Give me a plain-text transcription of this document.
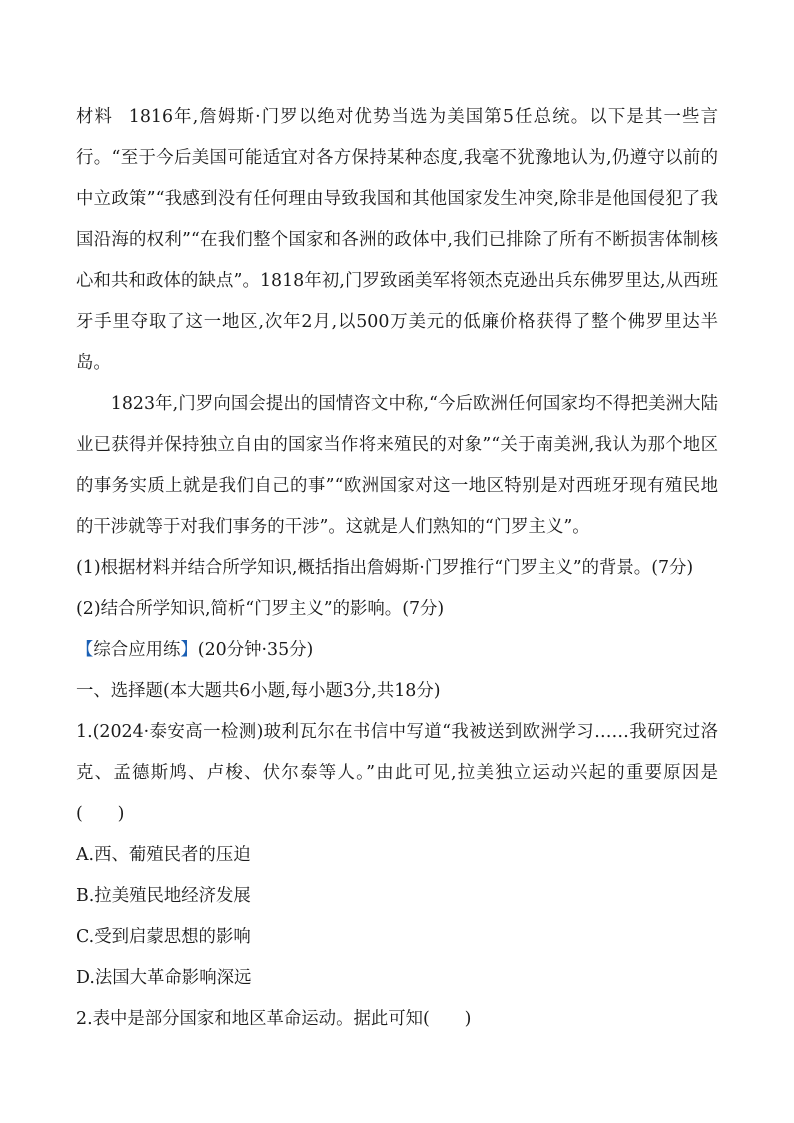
材料 1816年,詹姆斯·门罗以绝对优势当选为美国第5任总统。以下是其一些言行。“至于今后美国可能适宜对各方保持某种态度,我毫不犹豫地认为,仍遵守以前的中立政策”“我感到没有任何理由导致我国和其他国家发生冲突,除非是他国侵犯了我国沿海的权利”“在我们整个国家和各洲的政体中,我们已排除了所有不断损害体制核心和共和政体的缺点”。1818年初,门罗致函美军将领杰克逊出兵东佛罗里达,从西班牙手里夺取了这一地区,次年2月,以500万美元的低廉价格获得了整个佛罗里达半岛。

1823年,门罗向国会提出的国情咨文中称,“今后欧洲任何国家均不得把美洲大陆业已获得并保持独立自由的国家当作将来殖民的对象”“关于南美洲,我认为那个地区的事务实质上就是我们自己的事”“欧洲国家对这一地区特别是对西班牙现有殖民地的干涉就等于对我们事务的干涉”。这就是人们熟知的“门罗主义”。

(1)根据材料并结合所学知识,概括指出詹姆斯·门罗推行“门罗主义”的背景。(7分)

(2)结合所学知识,简析“门罗主义”的影响。(7分)

【综合应用练】(20分钟·35分)

一、选择题(本大题共6小题,每小题3分,共18分)

1.(2024·泰安高一检测)玻利瓦尔在书信中写道“我被送到欧洲学习……我研究过洛克、孟德斯鸠、卢梭、伏尔泰等人。”由此可见,拉美独立运动兴起的重要原因是(　　)

A.西、葡殖民者的压迫

B.拉美殖民地经济发展

C.受到启蒙思想的影响

D.法国大革命影响深远

2.表中是部分国家和地区革命运动。据此可知(　　)
